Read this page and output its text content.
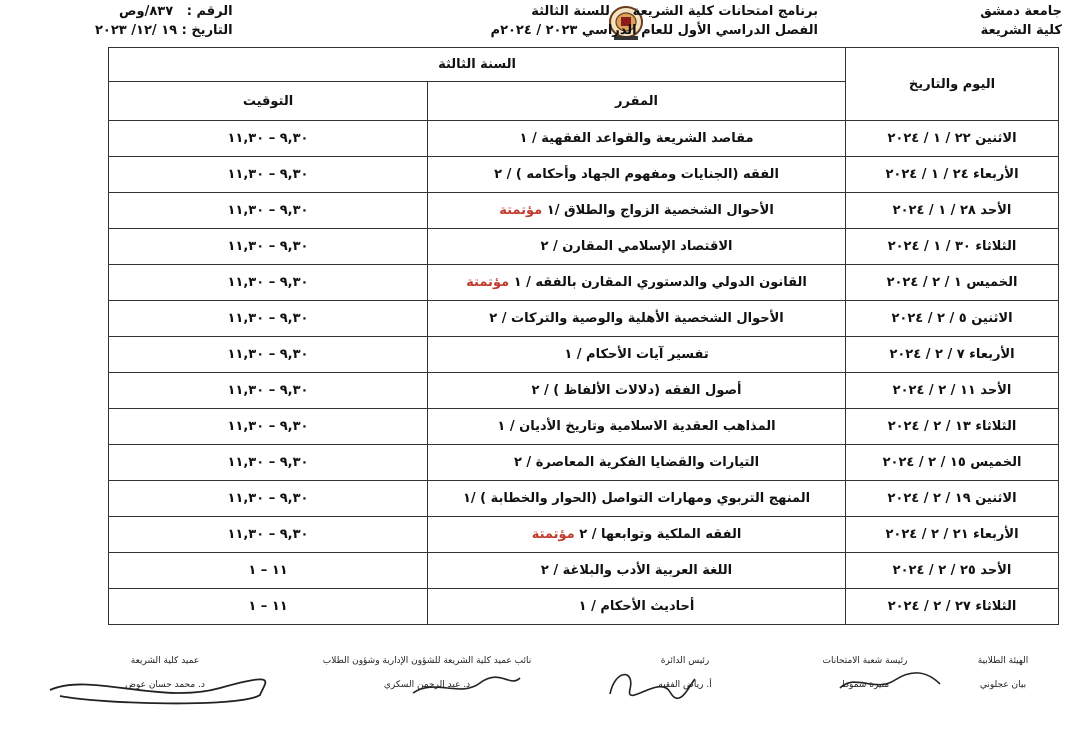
جامعة دمشق
كلية الشريعة
برنامج امتحانات كلية الشريعة     للسنة الثالثة
الفصل الدراسي الأول للعام الدراسي ٢٠٢٣ / ٢٠٢٤م
الرقم :   ٨٣٧/وص
التاريخ : ١٩ /١٢/ ٢٠٢٣
اليوم والتاريخ	السنة الثالثة	
	المقرر	التوقيت
الاثنين ٢٢ / ١ / ٢٠٢٤	مقاصد الشريعة والقواعد الفقهية / ١	٩,٣٠ – ١١,٣٠
الأربعاء ٢٤ / ١ / ٢٠٢٤	الفقه (الجنايات ومفهوم الجهاد وأحكامه ) / ٢	٩,٣٠ – ١١,٣٠
الأحد ٢٨ / ١ / ٢٠٢٤	الأحوال الشخصية الزواج والطلاق /١ مؤتمتة	٩,٣٠ – ١١,٣٠
الثلاثاء ٣٠ / ١ / ٢٠٢٤	الاقتصاد الإسلامي المقارن / ٢	٩,٣٠ – ١١,٣٠
الخميس ١ / ٢ / ٢٠٢٤	القانون الدولي والدستوري المقارن بالفقه / ١ مؤتمتة	٩,٣٠ – ١١,٣٠
الاثنين ٥ / ٢ / ٢٠٢٤	الأحوال الشخصية الأهلية والوصية والتركات / ٢	٩,٣٠ – ١١,٣٠
الأربعاء ٧ / ٢ / ٢٠٢٤	تفسير آيات الأحكام / ١	٩,٣٠ – ١١,٣٠
الأحد ١١ / ٢ / ٢٠٢٤	أصول الفقه (دلالات الألفاظ ) / ٢	٩,٣٠ – ١١,٣٠
الثلاثاء ١٣ / ٢ / ٢٠٢٤	المذاهب العقدية الاسلامية وتاريخ الأديان / ١	٩,٣٠ – ١١,٣٠
الخميس ١٥ / ٢ / ٢٠٢٤	التيارات والقضايا الفكرية المعاصرة / ٢	٩,٣٠ – ١١,٣٠
الاثنين ١٩ / ٢ / ٢٠٢٤	المنهج التربوي ومهارات التواصل (الحوار والخطابة ) /١	٩,٣٠ – ١١,٣٠
الأربعاء ٢١ / ٢ / ٢٠٢٤	الفقه الملكية وتوابعها / ٢ مؤتمتة	٩,٣٠ – ١١,٣٠
الأحد ٢٥ / ٢ / ٢٠٢٤	اللغة العربية الأدب والبلاغة / ٢	١١ – ١
الثلاثاء ٢٧ / ٢ / ٢٠٢٤	أحاديث الأحكام / ١	١١ – ١
الهيئة الطلابية
بيان عجلوني
رئيسة شعبة الامتحانات
منيرة شموط
رئيس الدائرة
أ. رياض الفقيه
نائب عميد كلية الشريعة للشؤون الإدارية وشؤون الطلاب
د. عبد الرحمن السكري
عميد كلية الشريعة
د. محمد حسان عوض
